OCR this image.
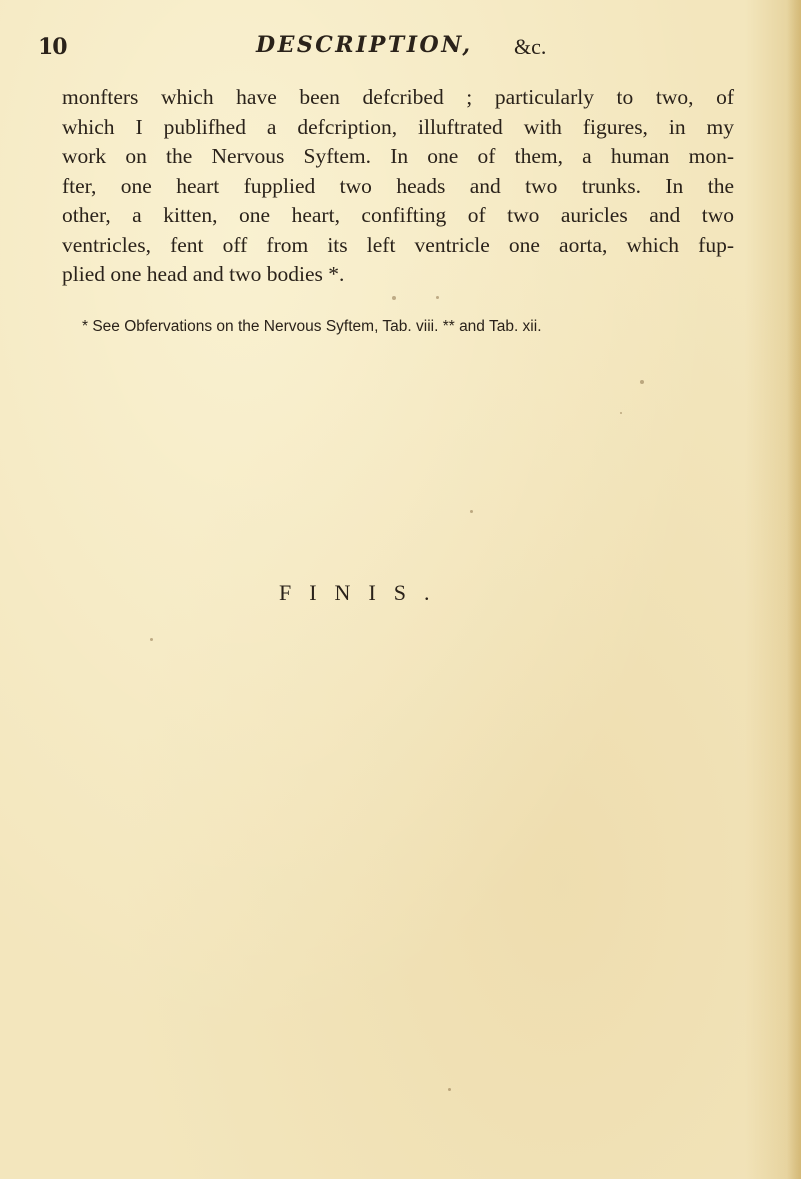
10	DESCRIPTION, &c.
monfters which have been defcribed ; particularly to two, of
which I publifhed a defcription, illuftrated with figures, in my
work on the Nervous Syftem. In one of them, a human mon-
fter, one heart fupplied two heads and two trunks. In the
other, a kitten, one heart, confifting of two auricles and two
ventricles, fent off from its left ventricle one aorta, which fup-
plied one head and two bodies *.
* See Obfervations on the Nervous Syftem, Tab. viii. ** and Tab. xii.
FINIS.
